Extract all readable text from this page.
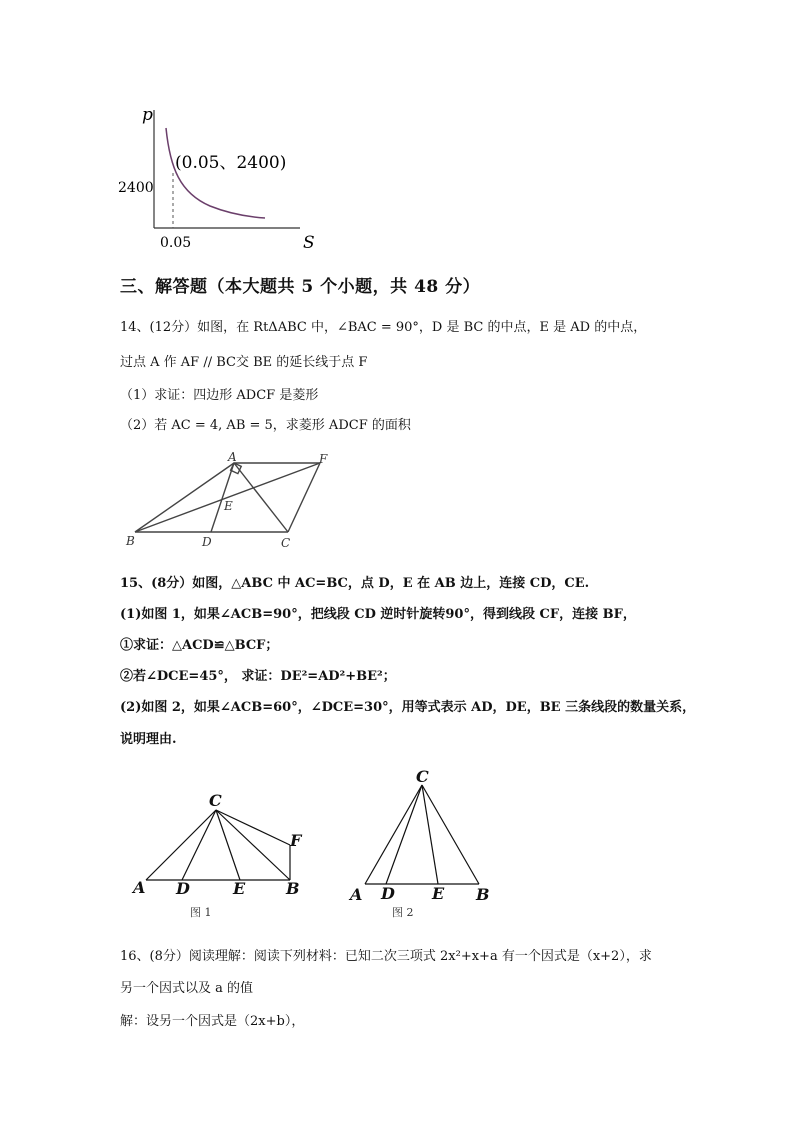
p
S
2400
0.05
(0.05、2400)
三、解答题（本大题共 5 个小题，共 48 分）
14、(12分）如图，在 RtΔABC 中，∠BAC = 90°，D 是 BC 的中点，E 是 AD 的中点，
过点 A 作 AF // BC交 BE 的延长线于点 F
（1）求证：四边形 ADCF 是菱形
（2）若 AC = 4, AB = 5，求菱形 ADCF 的面积
A	F
E
B	D	C
15、(8分）如图，△ABC 中 AC=BC，点 D，E 在 AB 边上，连接 CD，CE.
(1)如图 1，如果∠ACB=90°，把线段 CD 逆时针旋转90°，得到线段 CF，连接 BF，
①求证：△ACD≌△BCF；
②若∠DCE=45°， 求证：DE²=AD²+BE²；
(2)如图 2，如果∠ACB=60°，∠DCE=30°，用等式表示 AD，DE，BE 三条线段的数量关系，
说明理由.
C
F
A D	E	B
图 1
C
A D E B
图 2
16、(8分）阅读理解：阅读下列材料：已知二次三项式 2x²+x+a 有一个因式是（x+2），求
另一个因式以及 a 的值
解：设另一个因式是（2x+b），
